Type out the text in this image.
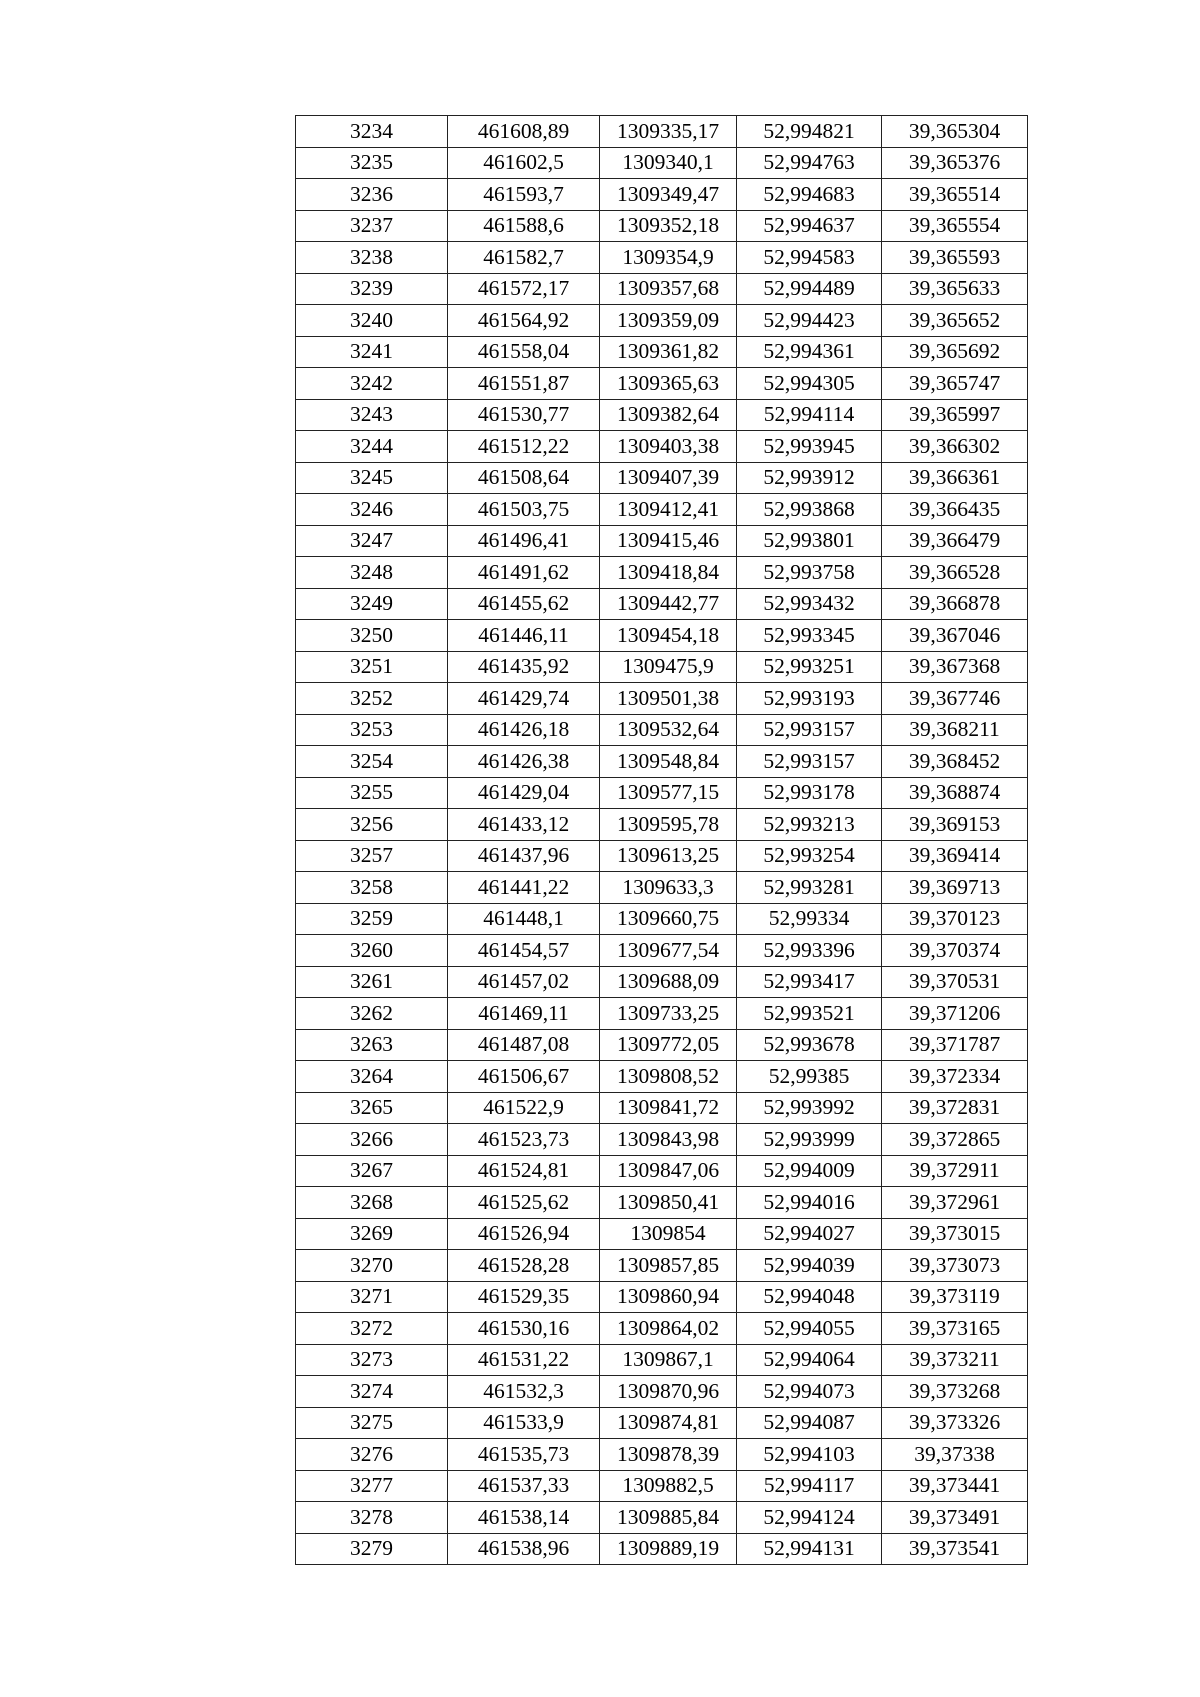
3234	461608,89	1309335,17	52,994821	39,365304
3235	461602,5	1309340,1	52,994763	39,365376
3236	461593,7	1309349,47	52,994683	39,365514
3237	461588,6	1309352,18	52,994637	39,365554
3238	461582,7	1309354,9	52,994583	39,365593
3239	461572,17	1309357,68	52,994489	39,365633
3240	461564,92	1309359,09	52,994423	39,365652
3241	461558,04	1309361,82	52,994361	39,365692
3242	461551,87	1309365,63	52,994305	39,365747
3243	461530,77	1309382,64	52,994114	39,365997
3244	461512,22	1309403,38	52,993945	39,366302
3245	461508,64	1309407,39	52,993912	39,366361
3246	461503,75	1309412,41	52,993868	39,366435
3247	461496,41	1309415,46	52,993801	39,366479
3248	461491,62	1309418,84	52,993758	39,366528
3249	461455,62	1309442,77	52,993432	39,366878
3250	461446,11	1309454,18	52,993345	39,367046
3251	461435,92	1309475,9	52,993251	39,367368
3252	461429,74	1309501,38	52,993193	39,367746
3253	461426,18	1309532,64	52,993157	39,368211
3254	461426,38	1309548,84	52,993157	39,368452
3255	461429,04	1309577,15	52,993178	39,368874
3256	461433,12	1309595,78	52,993213	39,369153
3257	461437,96	1309613,25	52,993254	39,369414
3258	461441,22	1309633,3	52,993281	39,369713
3259	461448,1	1309660,75	52,99334	39,370123
3260	461454,57	1309677,54	52,993396	39,370374
3261	461457,02	1309688,09	52,993417	39,370531
3262	461469,11	1309733,25	52,993521	39,371206
3263	461487,08	1309772,05	52,993678	39,371787
3264	461506,67	1309808,52	52,99385	39,372334
3265	461522,9	1309841,72	52,993992	39,372831
3266	461523,73	1309843,98	52,993999	39,372865
3267	461524,81	1309847,06	52,994009	39,372911
3268	461525,62	1309850,41	52,994016	39,372961
3269	461526,94	1309854	52,994027	39,373015
3270	461528,28	1309857,85	52,994039	39,373073
3271	461529,35	1309860,94	52,994048	39,373119
3272	461530,16	1309864,02	52,994055	39,373165
3273	461531,22	1309867,1	52,994064	39,373211
3274	461532,3	1309870,96	52,994073	39,373268
3275	461533,9	1309874,81	52,994087	39,373326
3276	461535,73	1309878,39	52,994103	39,37338
3277	461537,33	1309882,5	52,994117	39,373441
3278	461538,14	1309885,84	52,994124	39,373491
3279	461538,96	1309889,19	52,994131	39,373541
